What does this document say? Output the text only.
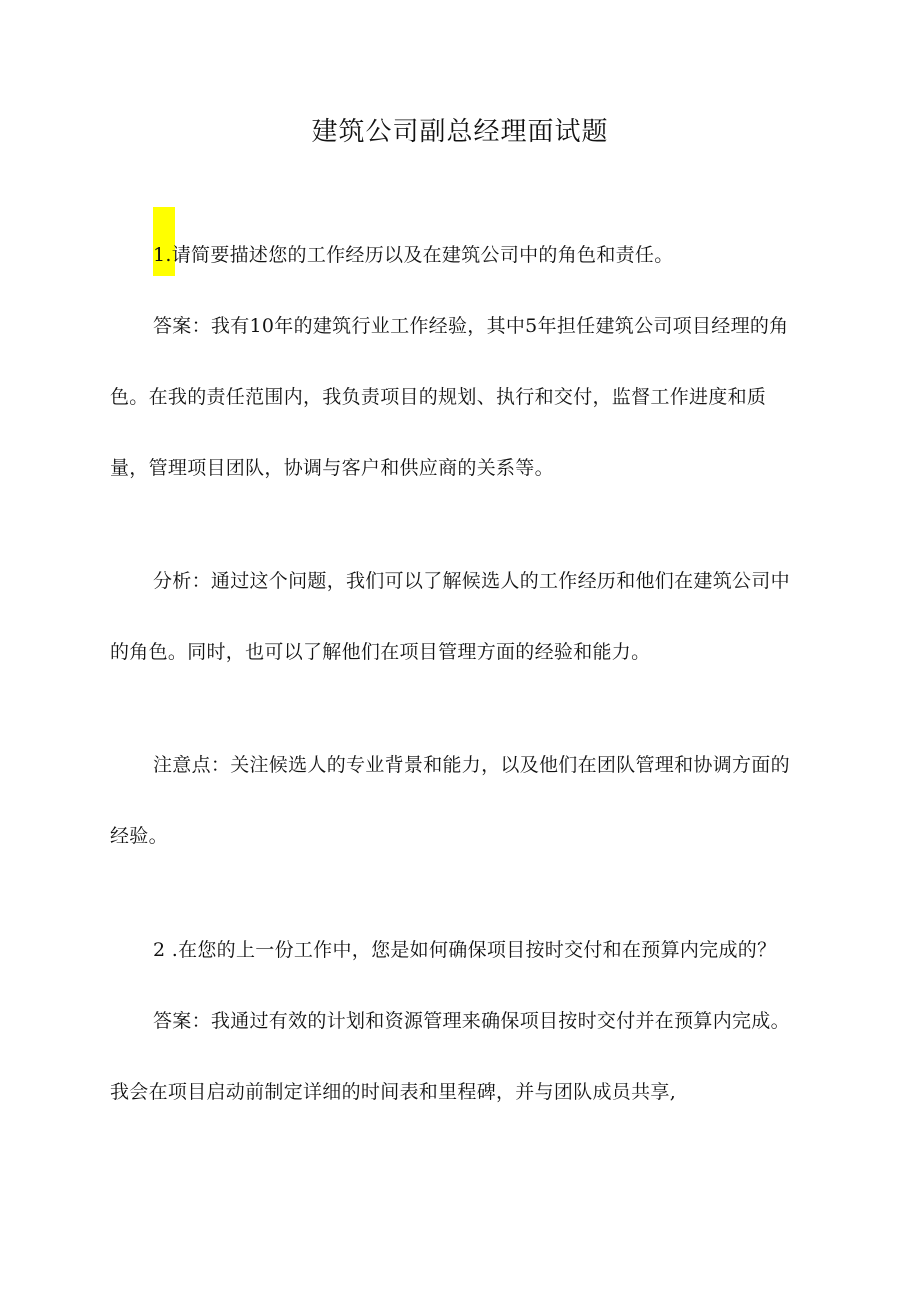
建筑公司副总经理面试题
1.请简要描述您的工作经历以及在建筑公司中的角色和责任。
答案：我有10年的建筑行业工作经验，其中5年担任建筑公司项目经理的角
色。在我的责任范围内，我负责项目的规划、执行和交付，监督工作进度和质
量，管理项目团队，协调与客户和供应商的关系等。
分析：通过这个问题，我们可以了解候选人的工作经历和他们在建筑公司中
的角色。同时，也可以了解他们在项目管理方面的经验和能力。
注意点：关注候选人的专业背景和能力，以及他们在团队管理和协调方面的
经验。
2 .在您的上一份工作中，您是如何确保项目按时交付和在预算内完成的？
答案：我通过有效的计划和资源管理来确保项目按时交付并在预算内完成。
我会在项目启动前制定详细的时间表和里程碑，并与团队成员共享,
